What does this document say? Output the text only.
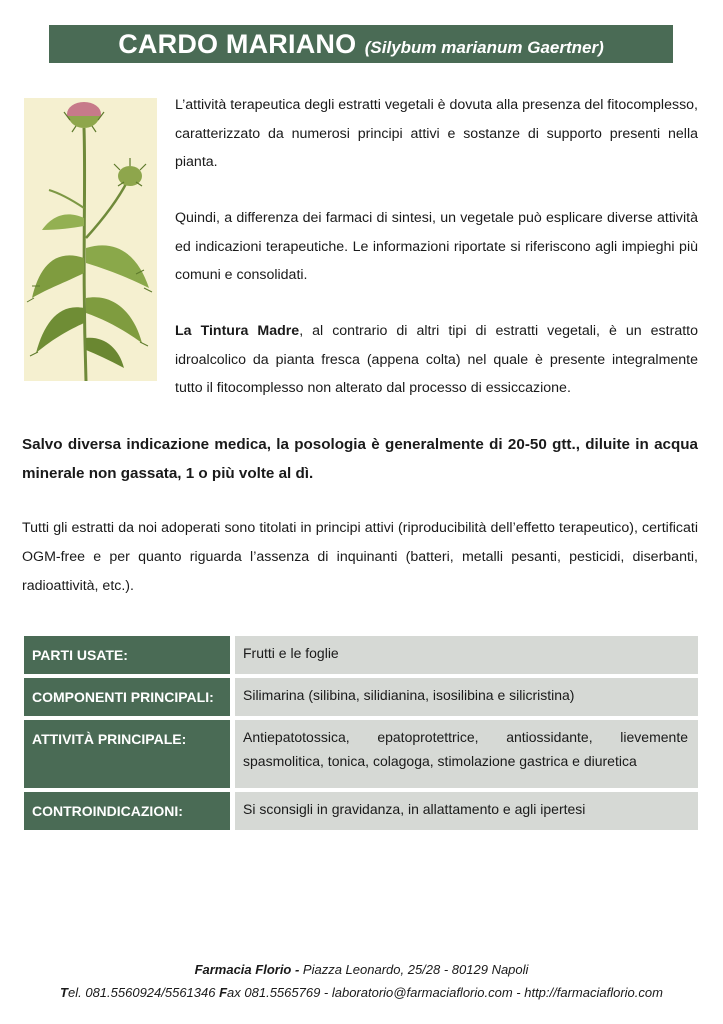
CARDO MARIANO (Silybum marianum Gaertner)

L’attività terapeutica degli estratti vegetali è dovuta alla presenza del fitocomplesso, caratterizzato da numerosi principi attivi e sostanze di supporto presenti nella pianta.

Quindi, a differenza dei farmaci di sintesi, un vegetale può esplicare diverse attività ed indicazioni terapeutiche. Le informazioni riportate si riferiscono agli impieghi più comuni e consolidati.

La Tintura Madre, al contrario di altri tipi di estratti vegetali, è un estratto idroalcolico da pianta fresca (appena colta) nel quale è presente integralmente tutto il fitocomplesso non alterato dal processo di essiccazione.

Salvo diversa indicazione medica, la posologia è generalmente di 20-50 gtt., diluite in acqua minerale non gassata, 1 o più volte al dì.

Tutti gli estratti da noi adoperati sono titolati in principi attivi (riproducibilità dell’effetto terapeutico), certificati OGM-free e per quanto riguarda l’assenza di inquinanti (batteri, metalli pesanti, pesticidi, diserbanti, radioattività, etc.).

PARTI USATE:	Frutti e le foglie

COMPONENTI PRINCIPALI:	Silimarina (silibina, silidianina, isosilibina e silicristina)

ATTIVITÀ PRINCIPALE:	Antiepatotossica, epatoprotettrice, antiossidante, lievemente spasmolitica, tonica, colagoga, stimolazione gastrica e diuretica

CONTROINDICAZIONI:	Si sconsigli in gravidanza, in allattamento e agli ipertesi
Farmacia Florio - Piazza Leonardo, 25/28 - 80129 Napoli
Tel. 081.5560924/5561346 Fax 081.5565769 - laboratorio@farmaciaflorio.com - http://farmaciaflorio.com
